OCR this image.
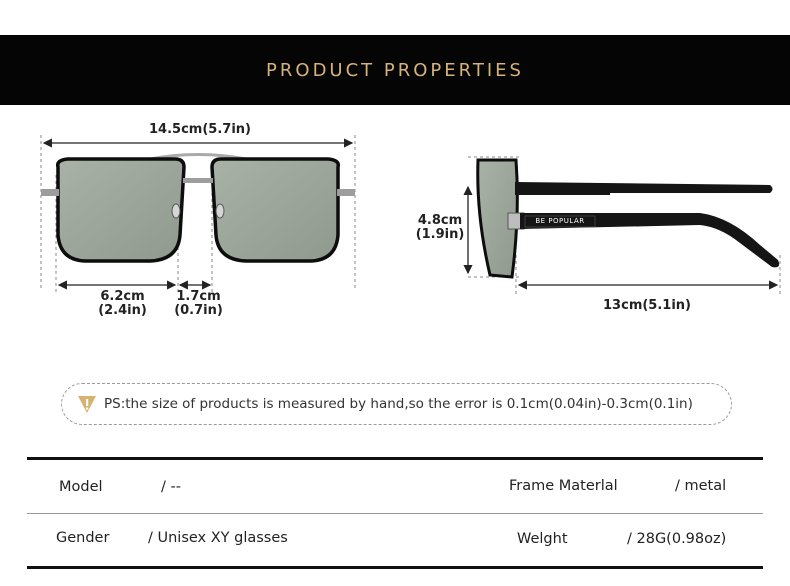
PRODUCT PROPERTIES
14.5cm(5.7in)
6.2cm
(2.4in)
1.7cm
(0.7in)
4.8cm
(1.9in)
13cm(5.1in)
BE POPULAR
PS:the size of products is measured by hand,so the error is 0.1cm(0.04in)-0.3cm(0.1in)
Model	/ --	Frame Materlal	/ metal
Gender	/ Unisex XY glasses	Welght	/ 28G(0.98oz)
